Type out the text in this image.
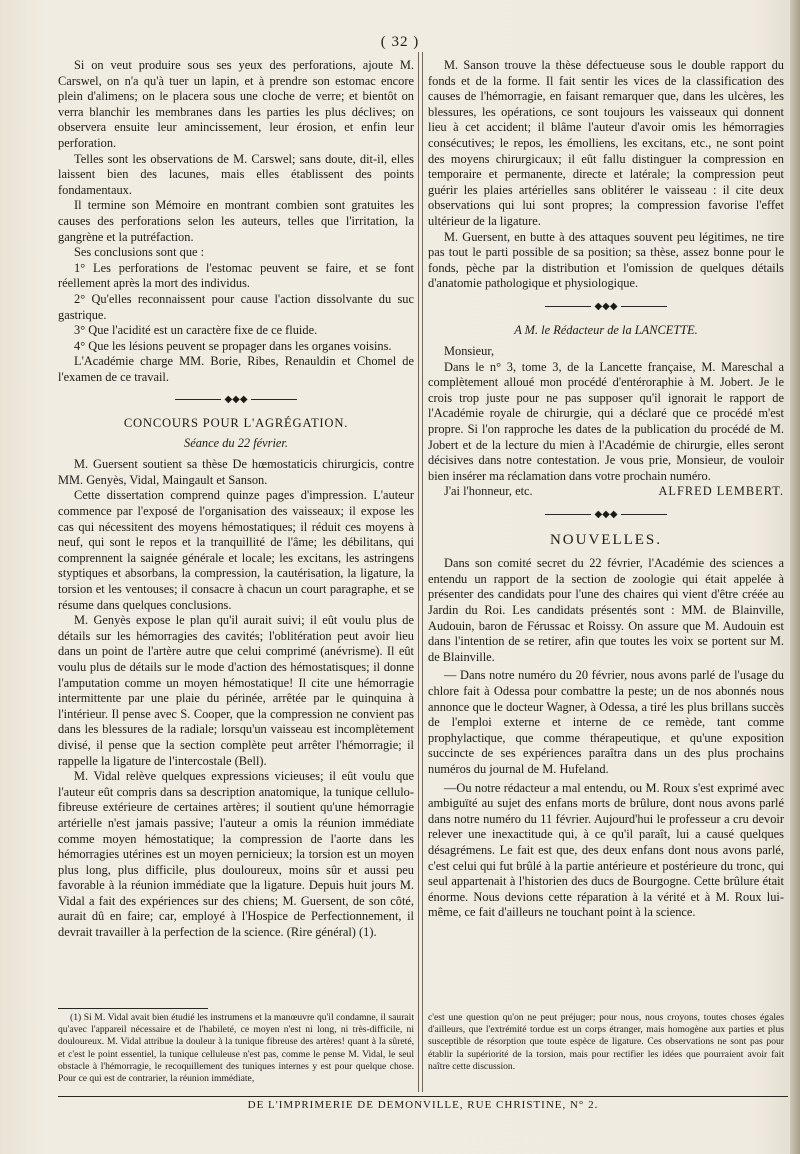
( 32 )

Si on veut produire sous ses yeux des perforations, ajoute M. Carswel, on n'a qu'à tuer un lapin, et à prendre son estomac encore plein d'alimens; on le placera sous une cloche de verre; et bientôt on verra blanchir les membranes dans les parties les plus déclives; on observera ensuite leur amincissement, leur érosion, et enfin leur perforation.

Telles sont les observations de M. Carswel; sans doute, dit-il, elles laissent bien des lacunes, mais elles établissent des points fondamentaux.

Il termine son Mémoire en montrant combien sont gratuites les causes des perforations selon les auteurs, telles que l'irritation, la gangrène et la putréfaction.

Ses conclusions sont que :

1° Les perforations de l'estomac peuvent se faire, et se font réellement après la mort des individus.

2° Qu'elles reconnaissent pour cause l'action dissolvante du suc gastrique.

3° Que l'acidité est un caractère fixe de ce fluide.

4° Que les lésions peuvent se propager dans les organes voisins.

L'Académie charge MM. Borie, Ribes, Renauldin et Chomel de l'examen de ce travail.

◆◆◆
CONCOURS POUR L'AGRÉGATION.
Séance du 22 février.

M. Guersent soutient sa thèse De hœmostaticis chirurgicis, contre MM. Genyès, Vidal, Maingault et Sanson.

Cette dissertation comprend quinze pages d'impression. L'auteur commence par l'exposé de l'organisation des vaisseaux; il expose les cas qui nécessitent des moyens hémostatiques; il réduit ces moyens à neuf, qui sont le repos et la tranquillité de l'âme; les débilitans, qui comprennent la saignée générale et locale; les excitans, les astringens styptiques et absorbans, la compression, la cautérisation, la ligature, la torsion et les ventouses; il consacre à chacun un court paragraphe, et se résume dans quelques conclusions.

M. Genyès expose le plan qu'il aurait suivi; il eût voulu plus de détails sur les hémorragies des cavités; l'oblitération peut avoir lieu dans un point de l'artère autre que celui comprimé (anévrisme). Il eût voulu plus de détails sur le mode d'action des hémostatisques; il donne l'amputation comme un moyen hémostatique! Il cite une hémorragie intermittente par une plaie du périnée, arrêtée par le quinquina à l'intérieur. Il pense avec S. Cooper, que la compression ne convient pas dans les blessures de la radiale; lorsqu'un vaisseau est incomplètement divisé, il pense que la section complète peut arrêter l'hémorragie; il rappelle la ligature de l'intercostale (Bell).

M. Vidal relève quelques expressions vicieuses; il eût voulu que l'auteur eût compris dans sa description anatomique, la tunique cellulo-fibreuse extérieure de certaines artères; il soutient qu'une hémorragie artérielle n'est jamais passive; l'auteur a omis la réunion immédiate comme moyen hémostatique; la compression de l'aorte dans les hémorragies utérines est un moyen pernicieux; la torsion est un moyen plus long, plus difficile, plus douloureux, moins sûr et aussi peu favorable à la réunion immédiate que la ligature. Depuis huit jours M. Vidal a fait des expériences sur des chiens; M. Guersent, de son côté, aurait dû en faire; car, employé à l'Hospice de Perfectionnement, il devrait travailler à la perfection de la science. (Rire général) (1).

M. Sanson trouve la thèse défectueuse sous le double rapport du fonds et de la forme. Il fait sentir les vices de la classification des causes de l'hémorragie, en faisant remarquer que, dans les ulcères, les blessures, les opérations, ce sont toujours les vaisseaux qui donnent lieu à cet accident; il blâme l'auteur d'avoir omis les hémorragies consécutives; le repos, les émolliens, les excitans, etc., ne sont point des moyens chirurgicaux; il eût fallu distinguer la compression en temporaire et permanente, directe et latérale; la compression peut guérir les plaies artérielles sans oblitérer le vaisseau : il cite deux observations qui lui sont propres; la compression favorise l'effet ultérieur de la ligature.

M. Guersent, en butte à des attaques souvent peu légitimes, ne tire pas tout le parti possible de sa position; sa thèse, assez bonne pour le fonds, pèche par la distribution et l'omission de quelques détails d'anatomie pathologique et physiologique.

◆◆◆
A M. le Rédacteur de la LANCETTE.

Monsieur,

Dans le n° 3, tome 3, de la Lancette française, M. Mareschal a complètement alloué mon procédé d'entéroraphie à M. Jobert. Je le crois trop juste pour ne pas supposer qu'il ignorait le rapport de l'Académie royale de chirurgie, qui a déclaré que ce procédé m'est propre. Si l'on rapproche les dates de la publication du procédé de M. Jobert et de la lecture du mien à l'Académie de chirurgie, elles seront décisives dans notre contestation. Je vous prie, Monsieur, de vouloir bien insérer ma réclamation dans votre prochain numéro.

J'ai l'honneur, etc.	ALFRED LEMBERT.
◆◆◆
NOUVELLES.

Dans son comité secret du 22 février, l'Académie des sciences a entendu un rapport de la section de zoologie qui était appelée à présenter des candidats pour l'une des chaires qui vient d'être créée au Jardin du Roi. Les candidats présentés sont : MM. de Blainville, Audouin, baron de Férussac et Roissy. On assure que M. Audouin est dans l'intention de se retirer, afin que toutes les voix se portent sur M. de Blainville.

— Dans notre numéro du 20 février, nous avons parlé de l'usage du chlore fait à Odessa pour combattre la peste; un de nos abonnés nous annonce que le docteur Wagner, à Odessa, a tiré les plus brillans succès de l'emploi externe et interne de ce remède, tant comme prophylactique, que comme thérapeutique, et qu'une exposition succincte de ses expériences paraîtra dans un des plus prochains numéros du journal de M. Hufeland.

—Ou notre rédacteur a mal entendu, ou M. Roux s'est exprimé avec ambiguïté au sujet des enfans morts de brûlure, dont nous avons parlé dans notre numéro du 11 février. Aujourd'hui le professeur a cru devoir relever une inexactitude qui, à ce qu'il paraît, lui a causé quelques désagrémens. Le fait est que, des deux enfans dont nous avons parlé, c'est celui qui fut brûlé à la partie antérieure et postérieure du tronc, qui seul appartenait à l'historien des ducs de Bourgogne. Cette brûlure était énorme. Nous devions cette réparation à la vérité et à M. Roux lui-même, ce fait d'ailleurs ne touchant point à la science.

(1) Si M. Vidal avait bien étudié les instrumens et la manœuvre qu'il condamne, il saurait qu'avec l'appareil nécessaire et de l'habileté, ce moyen n'est ni long, ni très-difficile, ni douloureux. M. Vidal attribue la douleur à la tunique fibreuse des artères! quant à la sûreté, et c'est le point essentiel, la tunique celluleuse n'est pas, comme le pense M. Vidal, le seul obstacle à l'hémorragie, le recoquillement des tuniques internes y est pour quelque chose. Pour ce qui est de contrarier, la réunion immédiate,

c'est une question qu'on ne peut préjuger; pour nous, nous croyons, toutes choses égales d'ailleurs, que l'extrémité tordue est un corps étranger, mais homogène aux parties et plus susceptible de résorption que toute espèce de ligature. Ces observations ne sont pas pour établir la supériorité de la torsion, mais pour rectifier les idées que pourraient avoir fait naître cette discussion.

DE L'IMPRIMERIE DE DEMONVILLE, RUE CHRISTINE, N° 2.
